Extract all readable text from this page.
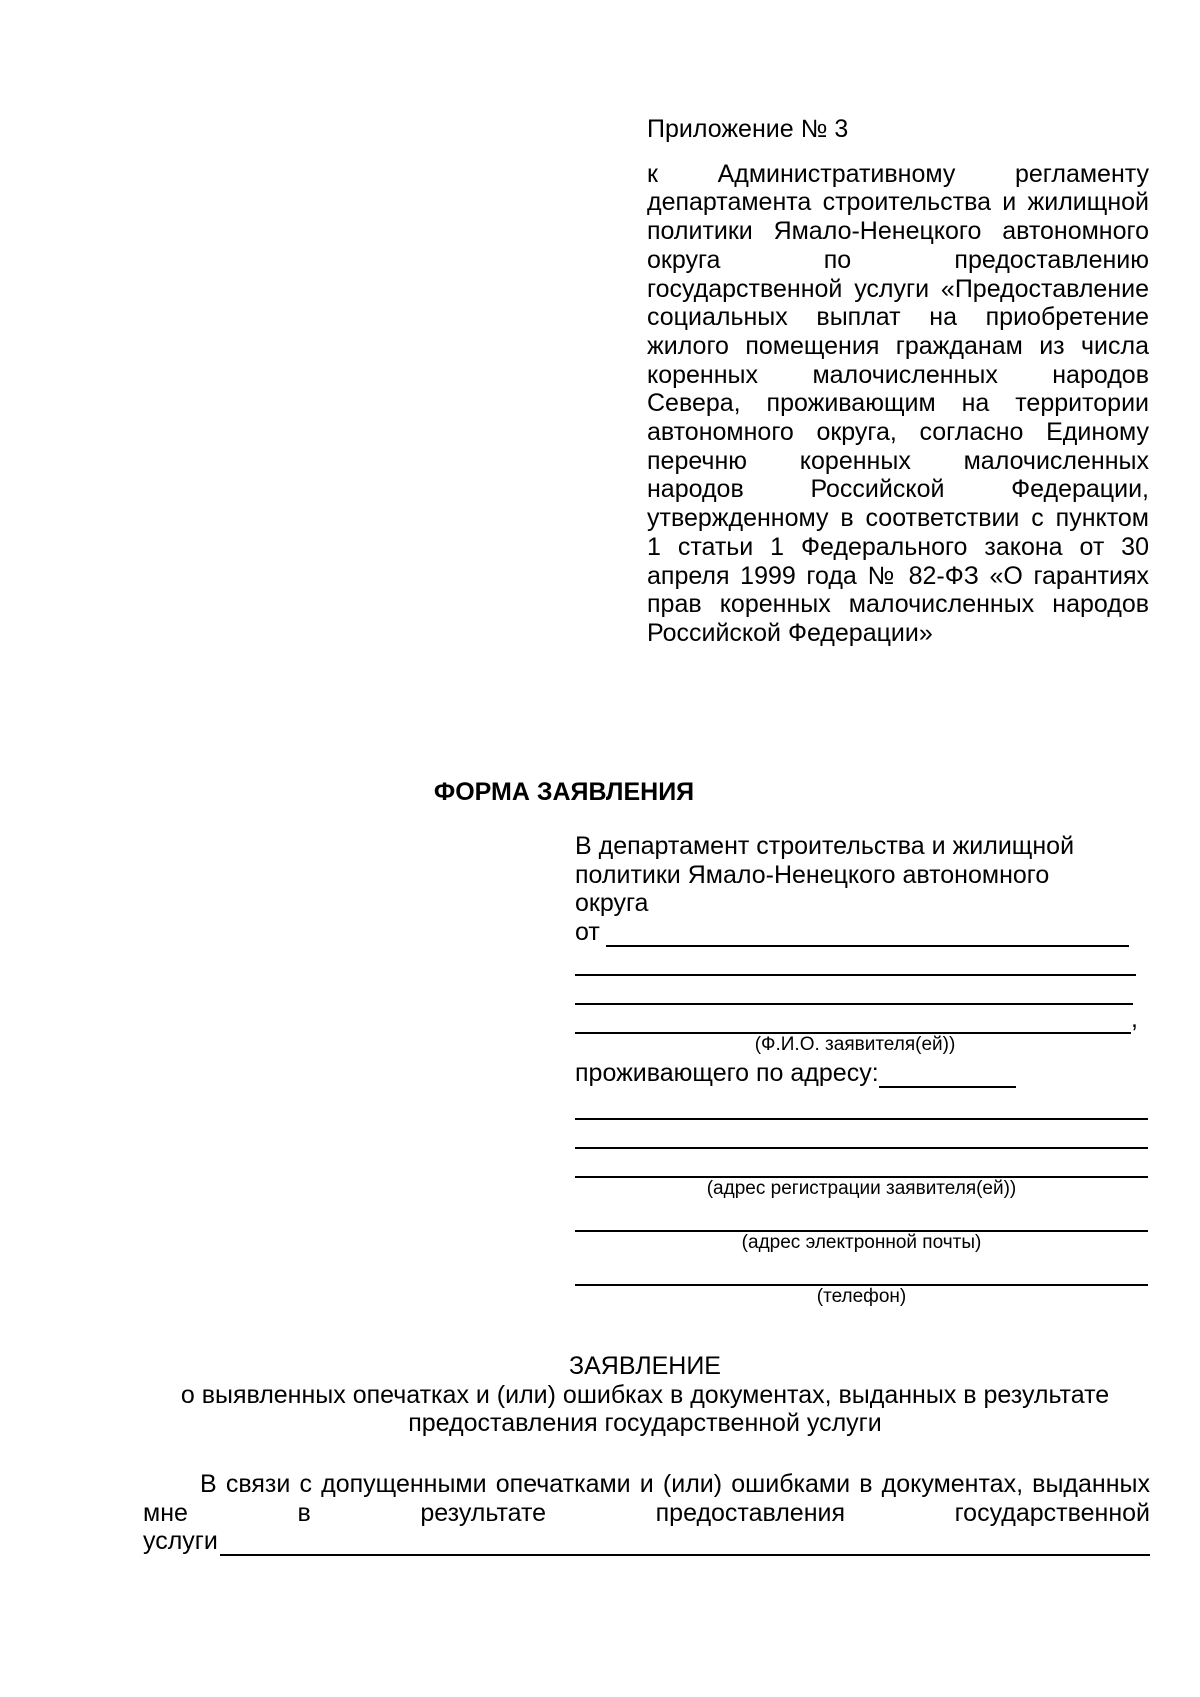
Приложение № 3

к Административному регламенту департамента строительства и жилищной политики Ямало-Ненецкого автономного округа по предоставлению государственной услуги «Предоставление социальных выплат на приобретение жилого помещения гражданам из числа коренных малочисленных народов Севера, проживающим на территории автономного округа, согласно Единому перечню коренных малочисленных народов Российской Федерации, утвержденному в соответствии с пунктом 1 статьи 1 Федерального закона от 30 апреля 1999 года № 82-ФЗ «О гарантиях прав коренных малочисленных народов Российской Федерации»

ФОРМА ЗАЯВЛЕНИЯ

В департамент строительства и жилищной политики Ямало-Ненецкого автономного округа

от
,
(Ф.И.О. заявителя(ей))
проживающего по адресу:
(адрес регистрации заявителя(ей))
(адрес электронной почты)
(телефон)

ЗАЯВЛЕНИЕ

о выявленных опечатках и (или) ошибках в документах, выданных в результате предоставления государственной услуги

В связи с допущенными опечатками и (или) ошибками в документах, выданных мне в результате предоставления государственной

услуги
